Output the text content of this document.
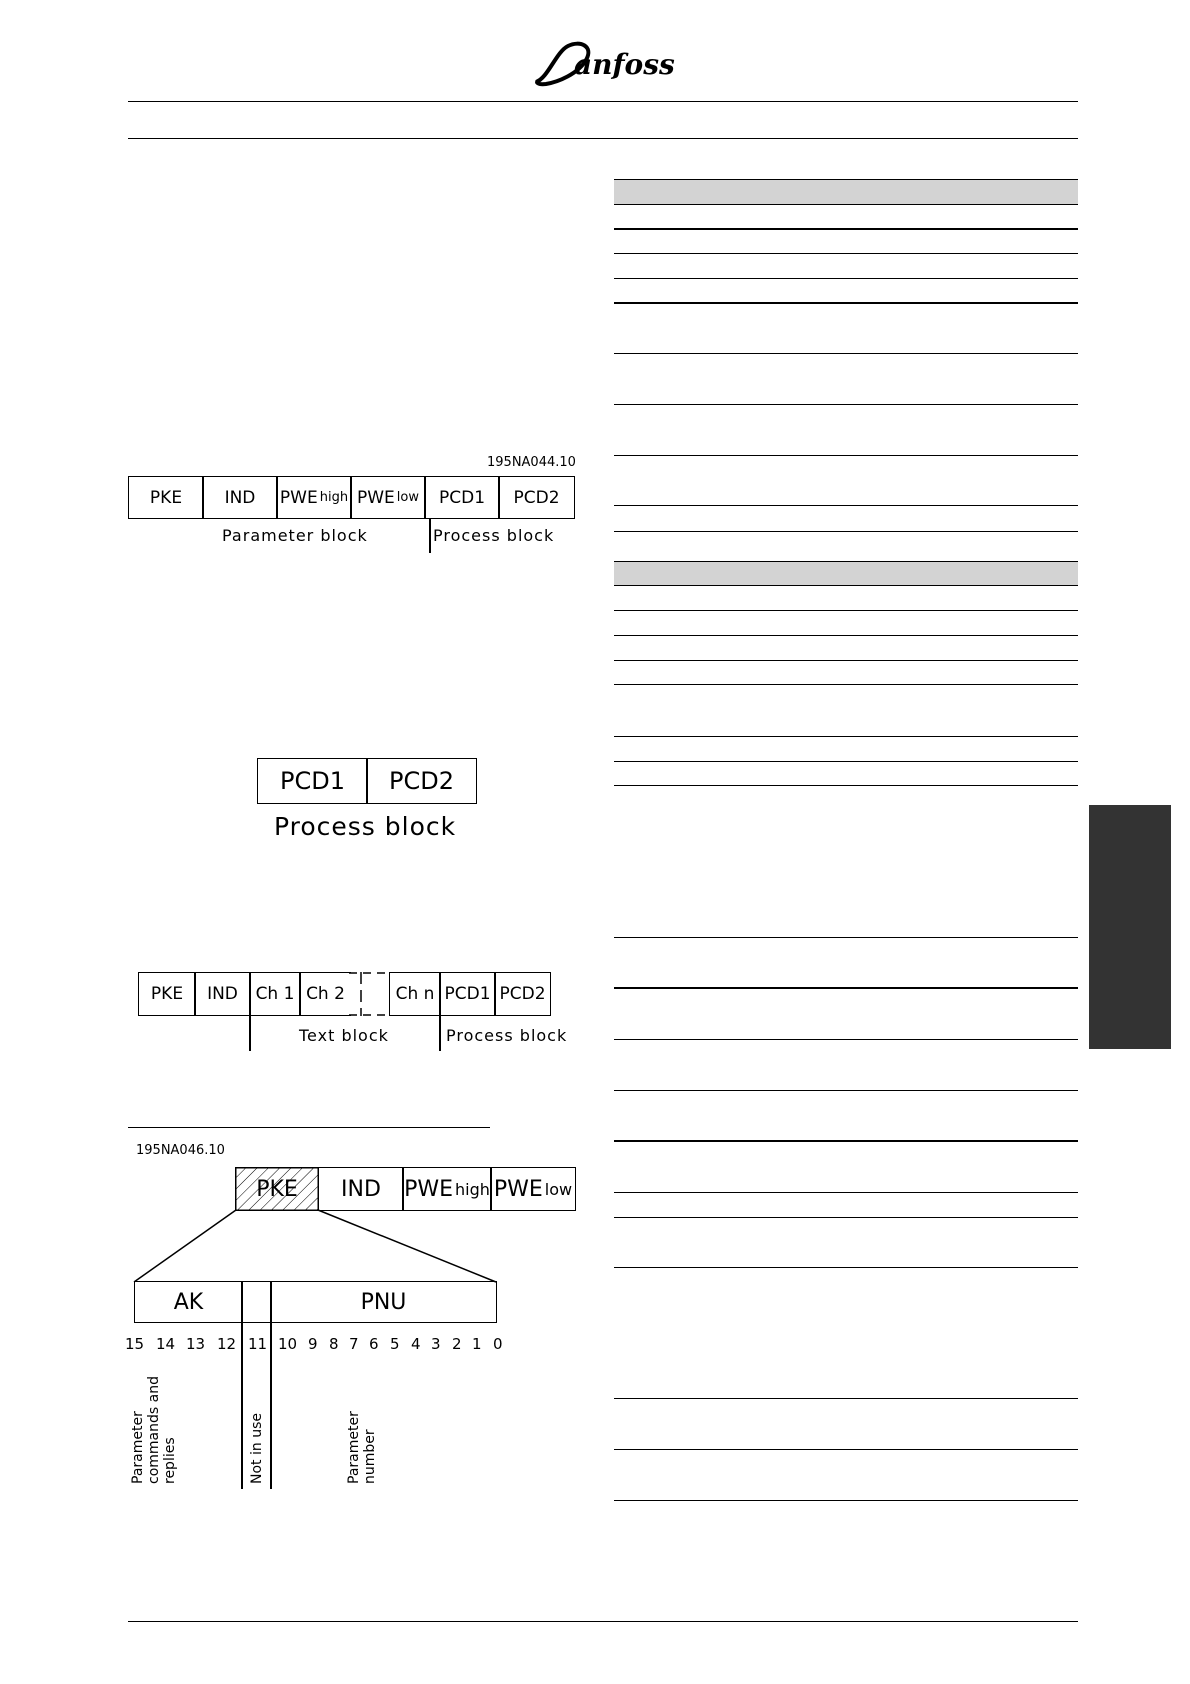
anfoss
195NA044.10
PKE	IND	PWE high PWE low	PCD1	PCD2
Parameter block	Process block
PCD1	PCD2
Process block
PKE	IND	Ch 1 Ch 2	Ch n PCD1 PCD2
Text block	Process block
195NA046.10
PKE	IND	PWE high PWE low
AK	PNU
15 14 13 12 11 10 9 8 7 6 5 4 3 2 1 0
Parameter commands and replies	Not in use	Parameter number
